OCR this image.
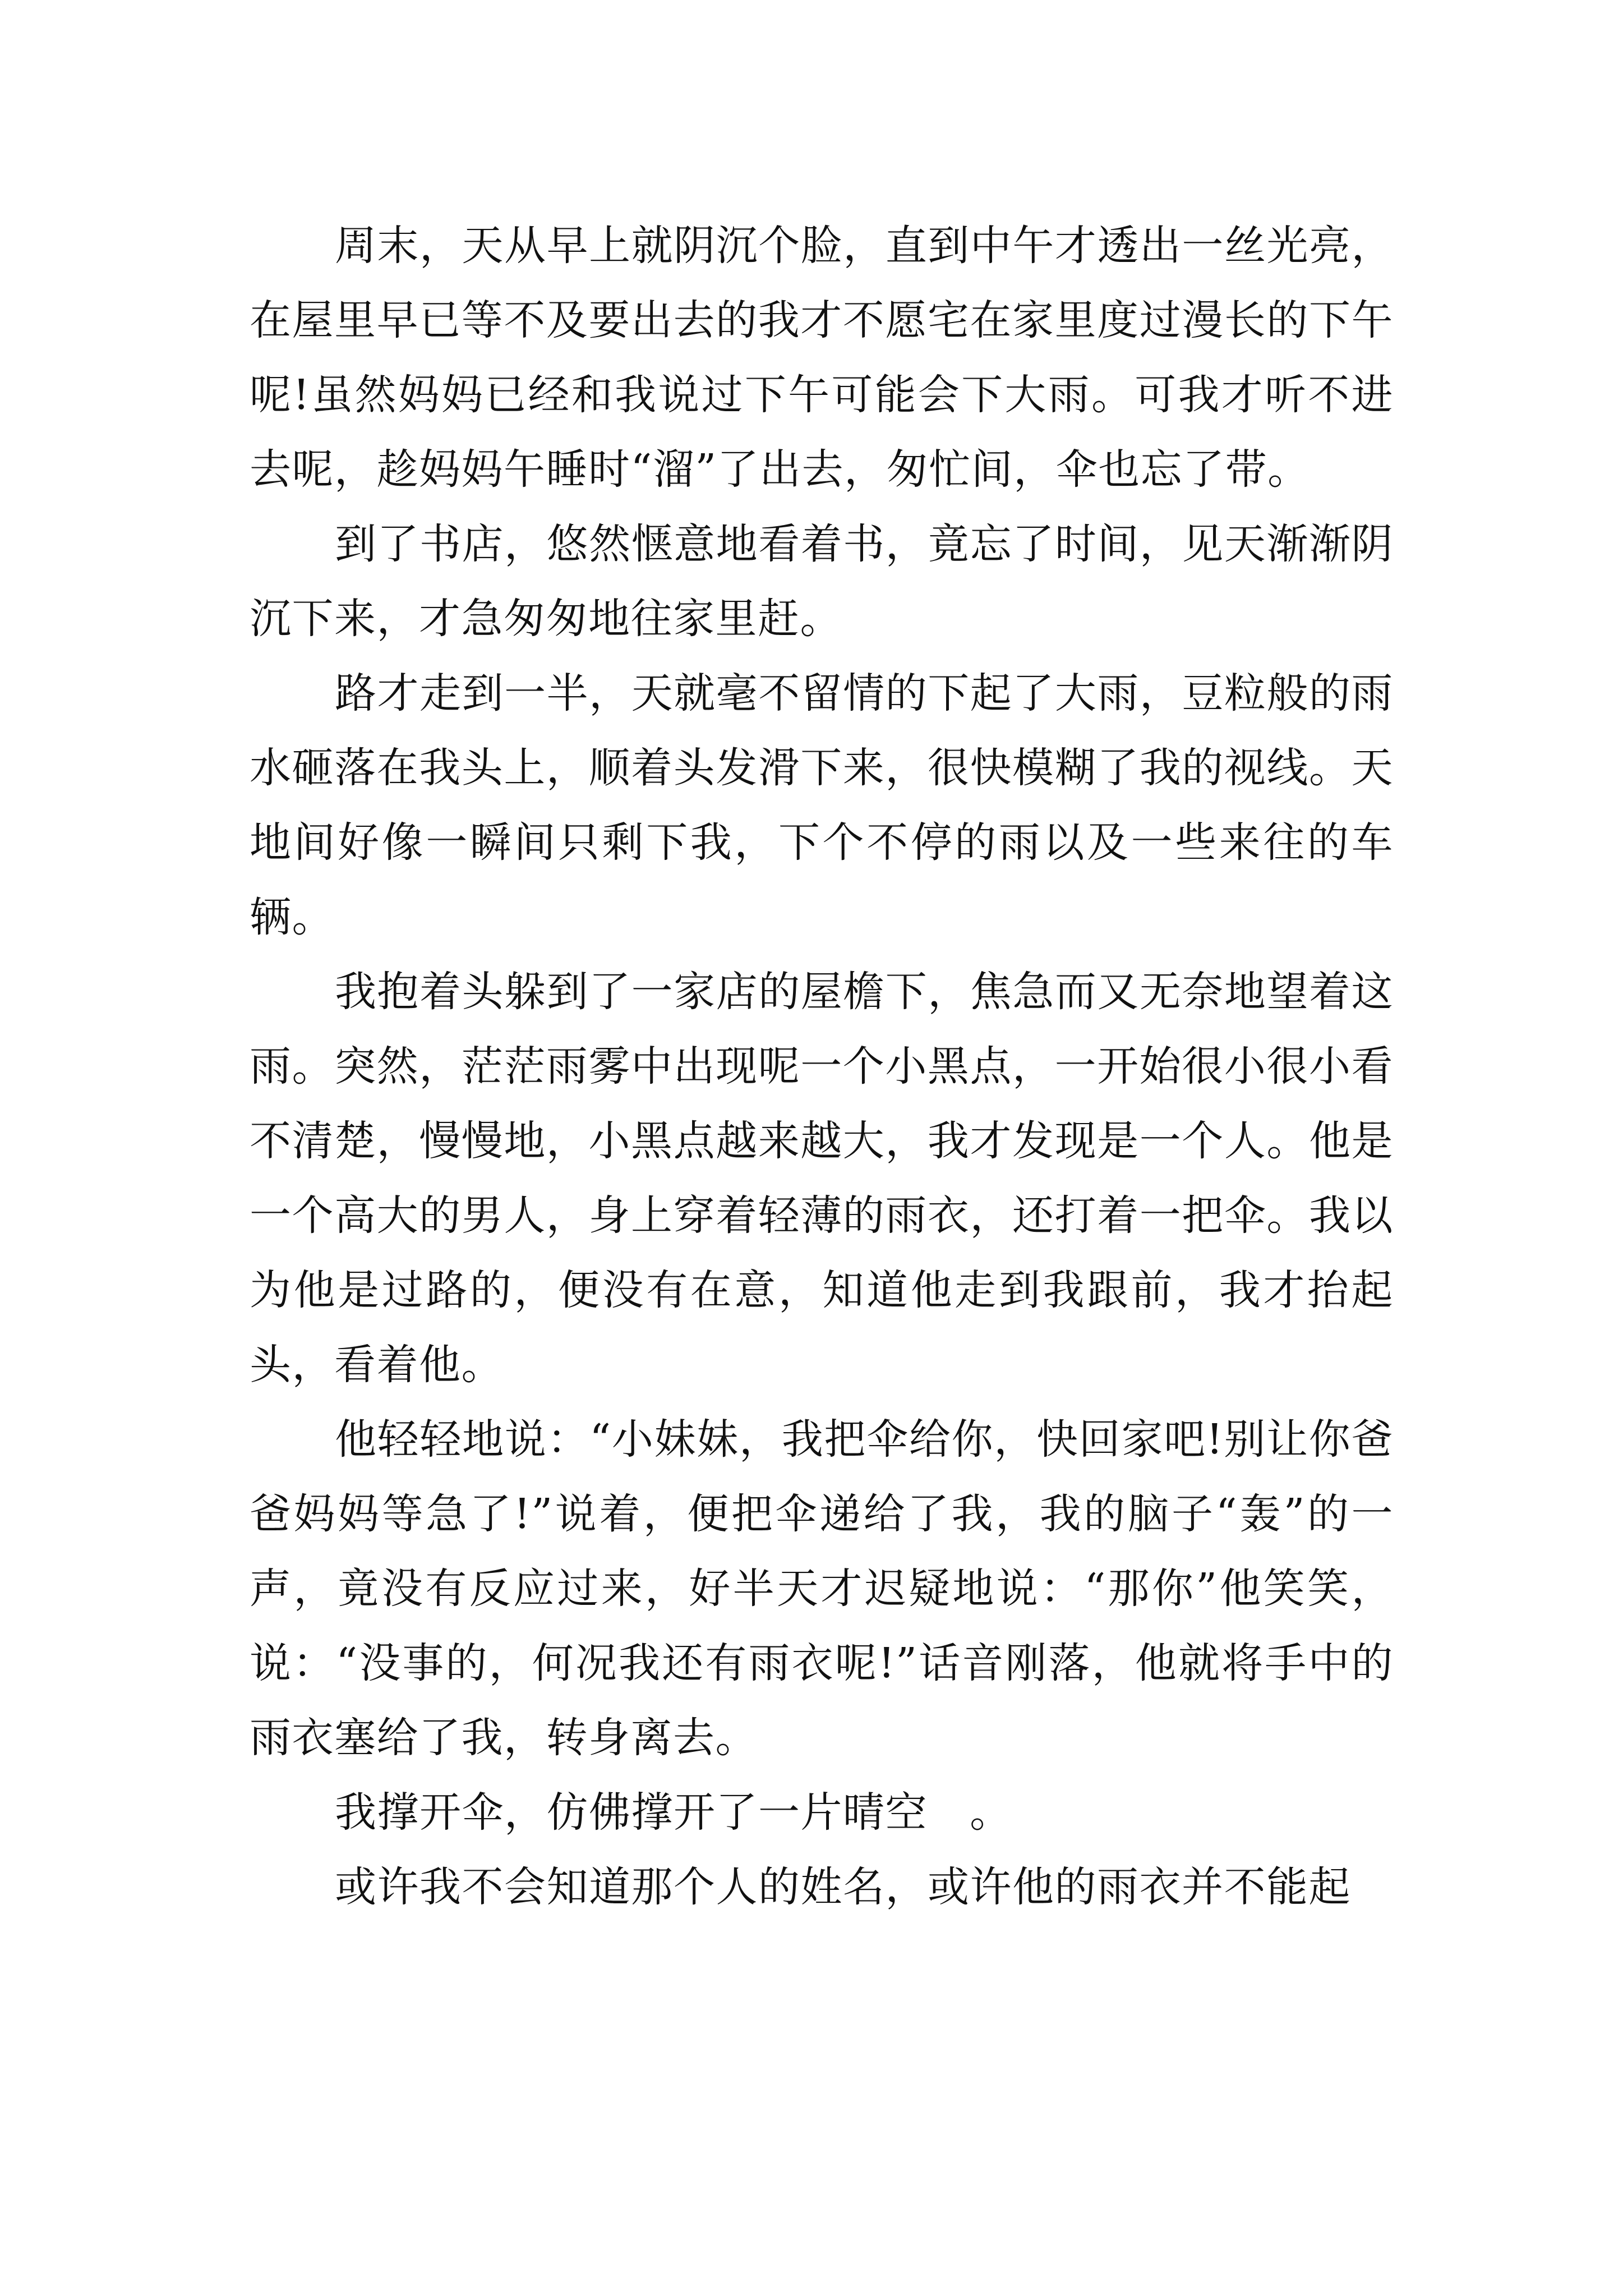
周末，天从早上就阴沉个脸，直到中午才透出一丝光亮，在屋里早已等不及要出去的我才不愿宅在家里度过漫长的下午呢!虽然妈妈已经和我说过下午可能会下大雨。可我才听不进去呢，趁妈妈午睡时“溜”了出去，匆忙间，伞也忘了带。

到了书店，悠然惬意地看着书，竟忘了时间，见天渐渐阴沉下来，才急匆匆地往家里赶。

路才走到一半，天就毫不留情的下起了大雨，豆粒般的雨水砸落在我头上，顺着头发滑下来，很快模糊了我的视线。天地间好像一瞬间只剩下我，下个不停的雨以及一些来往的车辆。

我抱着头躲到了一家店的屋檐下，焦急而又无奈地望着这雨。突然，茫茫雨雾中出现呢一个小黑点，一开始很小很小看不清楚，慢慢地，小黑点越来越大，我才发现是一个人。他是一个高大的男人，身上穿着轻薄的雨衣，还打着一把伞。我以为他是过路的，便没有在意，知道他走到我跟前，我才抬起头，看着他。

他轻轻地说：“小妹妹，我把伞给你，快回家吧!别让你爸爸妈妈等急了!”说着，便把伞递给了我，我的脑子“轰”的一声，竟没有反应过来，好半天才迟疑地说：“那你”他笑笑，说：“没事的，何况我还有雨衣呢!”话音刚落，他就将手中的雨衣塞给了我，转身离去。

我撑开伞，仿佛撑开了一片晴空   。

或许我不会知道那个人的姓名，或许他的雨衣并不能起
